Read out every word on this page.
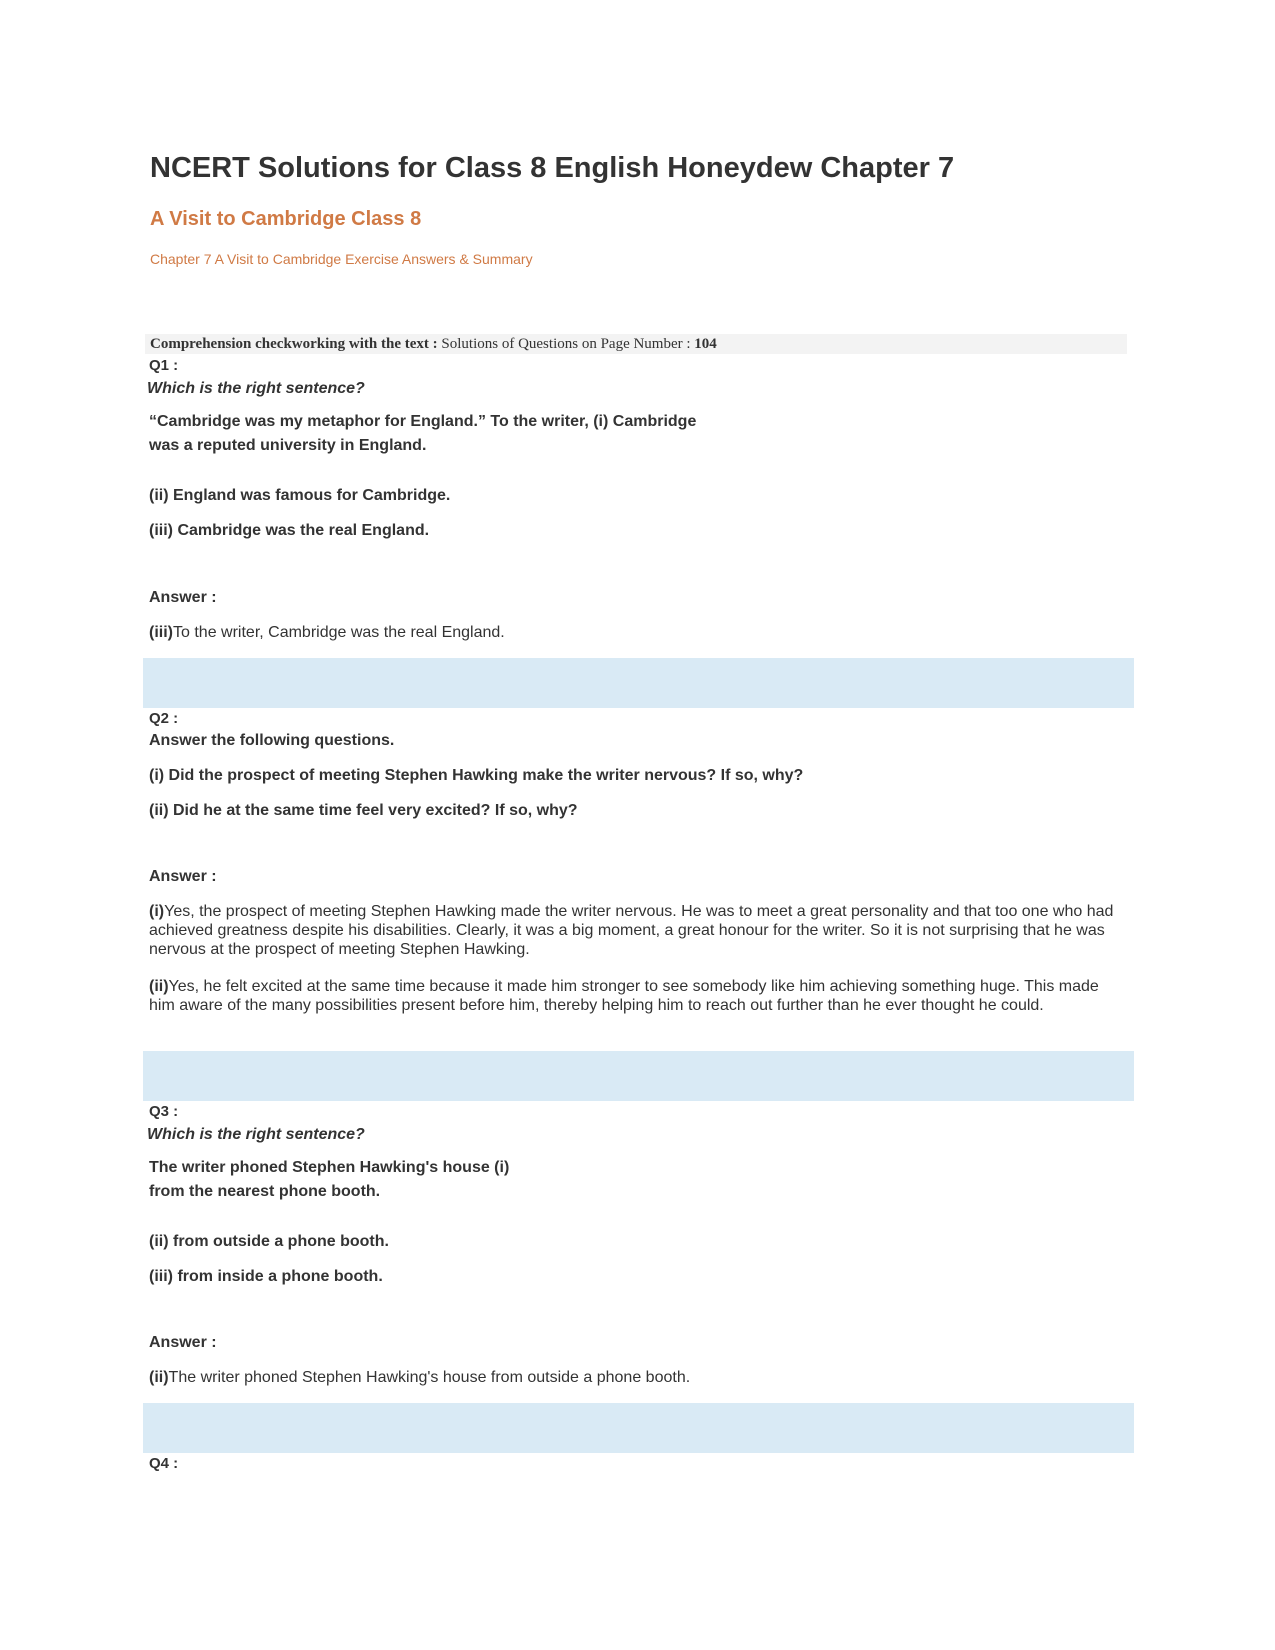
NCERT Solutions for Class 8 English Honeydew Chapter 7
A Visit to Cambridge Class 8
Chapter 7 A Visit to Cambridge Exercise Answers & Summary
Comprehension checkworking with the text : Solutions of Questions on Page Number : 104
Q1 :
Which is the right sentence?
“Cambridge was my metaphor for England.” To the writer, (i) Cambridge
was a reputed university in England.
(ii) England was famous for Cambridge.
(iii) Cambridge was the real England.
Answer :
(iii)To the writer, Cambridge was the real England.
Q2 :
Answer the following questions.
(i) Did the prospect of meeting Stephen Hawking make the writer nervous? If so, why?
(ii) Did he at the same time feel very excited? If so, why?
Answer :
(i)Yes, the prospect of meeting Stephen Hawking made the writer nervous. He was to meet a great personality and that too one who had achieved greatness despite his disabilities. Clearly, it was a big moment, a great honour for the writer. So it is not surprising that he was nervous at the prospect of meeting Stephen Hawking.
(ii)Yes, he felt excited at the same time because it made him stronger to see somebody like him achieving something huge. This made him aware of the many possibilities present before him, thereby helping him to reach out further than he ever thought he could.
Q3 :
Which is the right sentence?
The writer phoned Stephen Hawking's house (i)
from the nearest phone booth.
(ii) from outside a phone booth.
(iii) from inside a phone booth.
Answer :
(ii)The writer phoned Stephen Hawking's house from outside a phone booth.
Q4 :
